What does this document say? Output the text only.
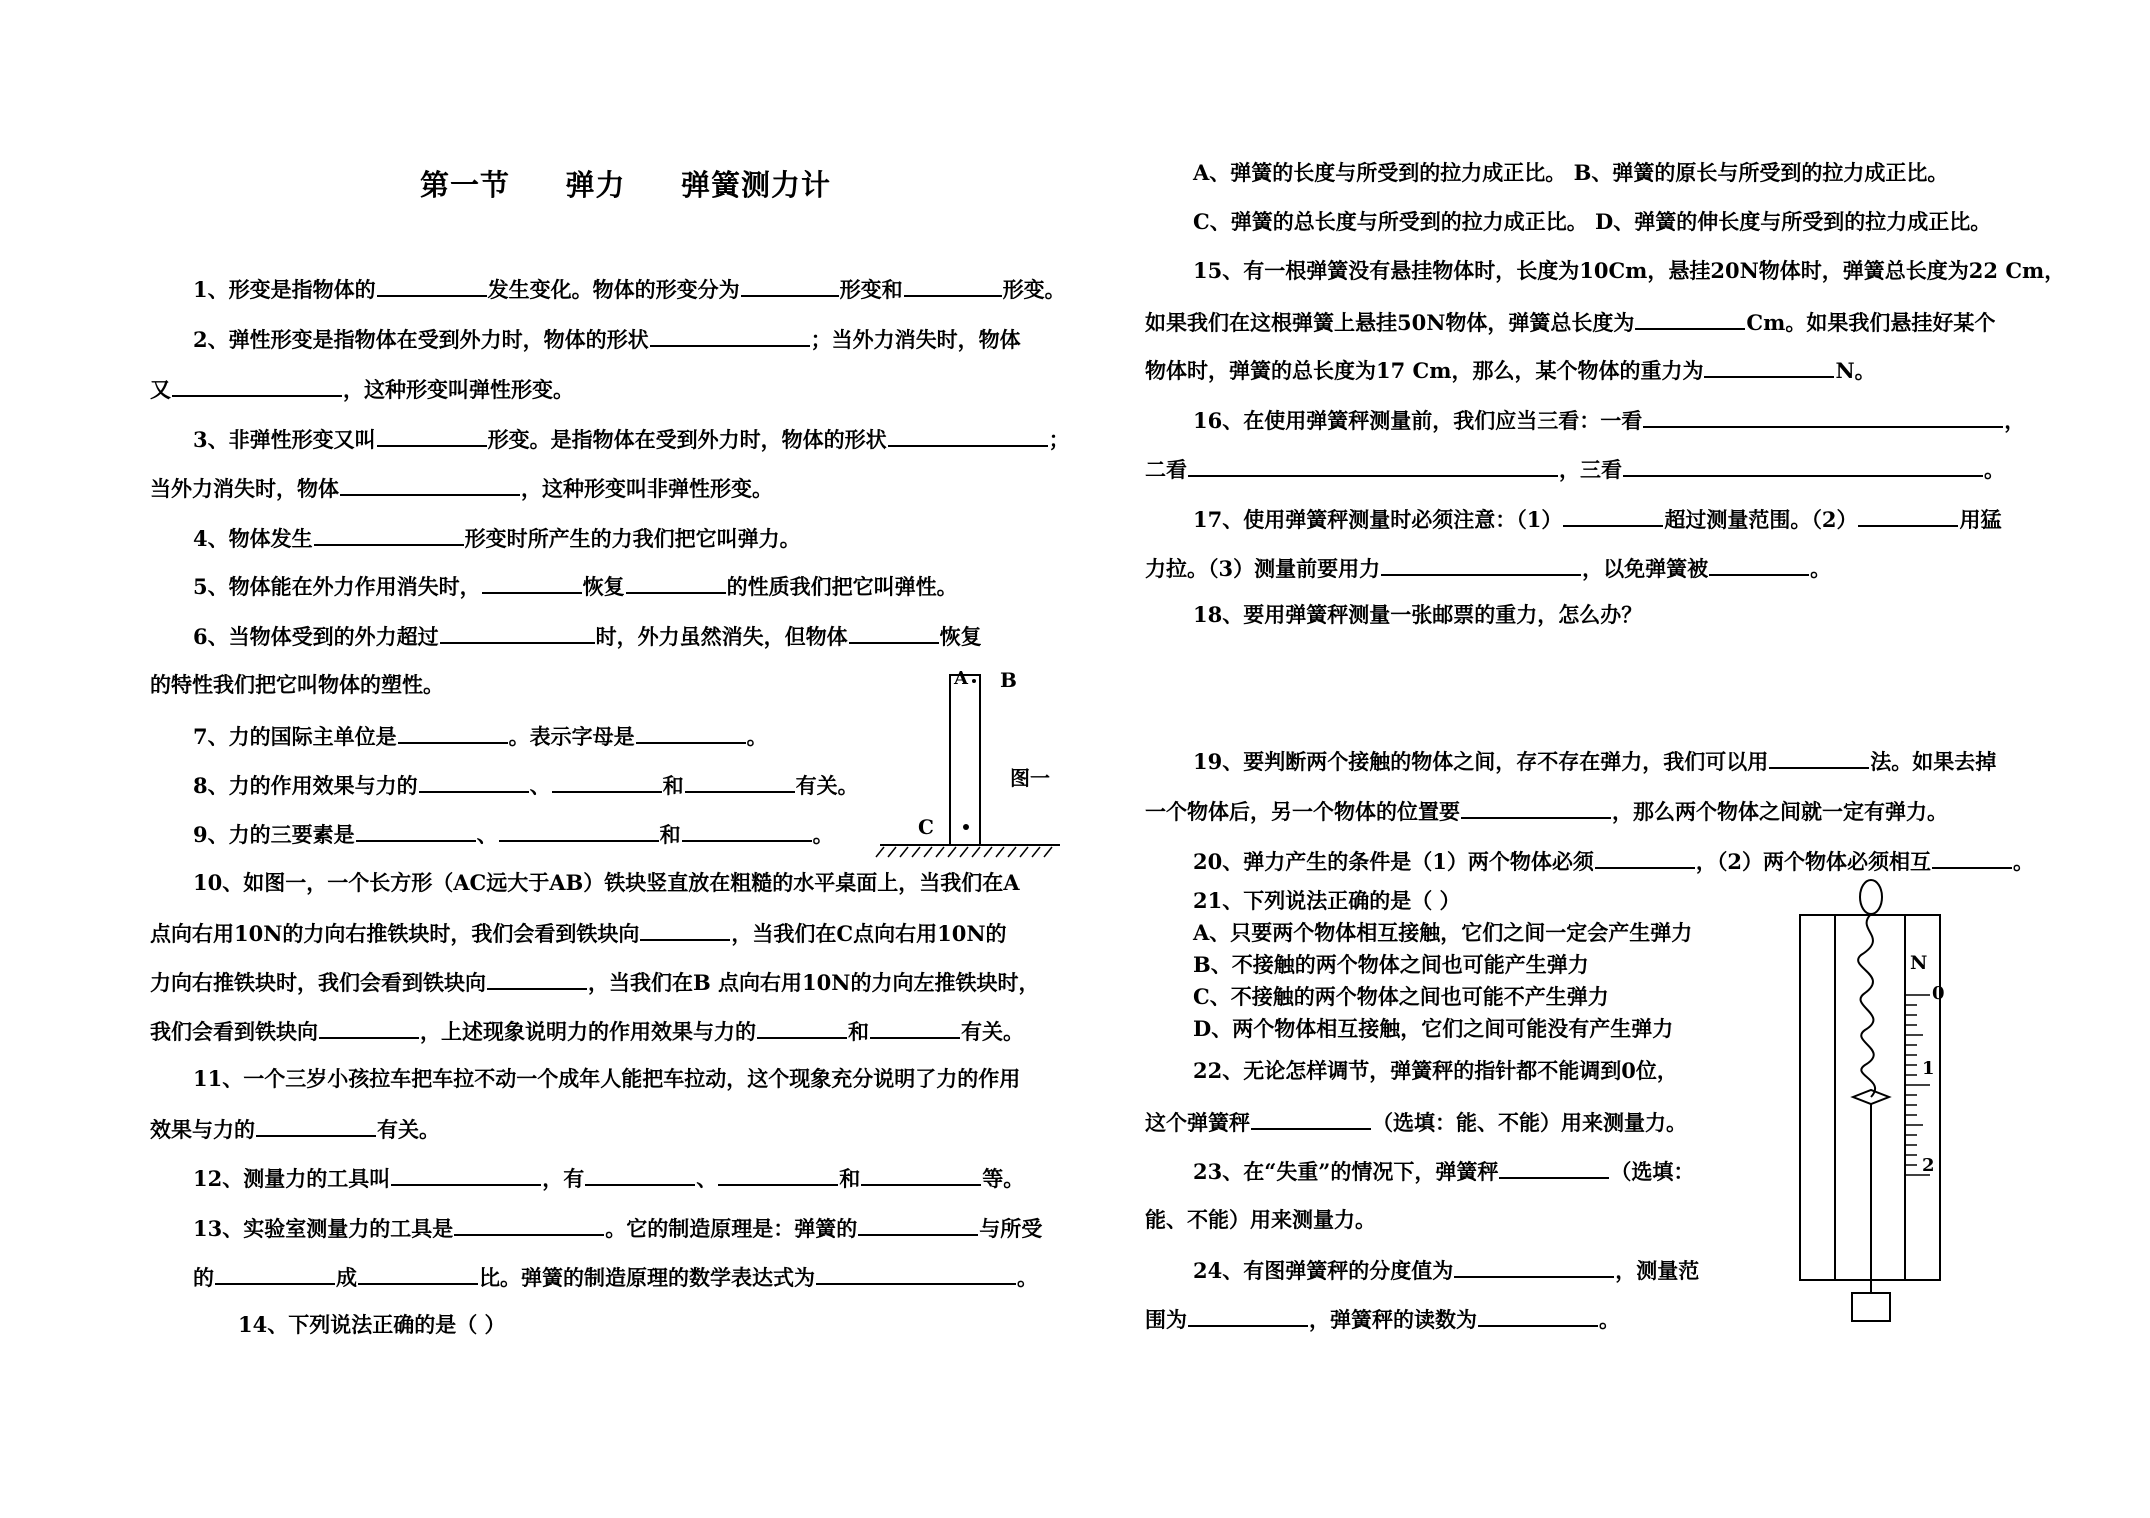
第一节     弹力     弹簧测力计
1、形变是指物体的	发生变化。物体的形变分为	形变和	形变。
2、弹性形变是指物体在受到外力时，物体的形状	；当外力消失时，物体
又	，这种形变叫弹性形变。
3、非弹性形变又叫	形变。是指物体在受到外力时，物体的形状	；
当外力消失时，物体	，这种形变叫非弹性形变。
4、物体发生	形变时所产生的力我们把它叫弹力。
5、物体能在外力作用消失时，	恢复	的性质我们把它叫弹性。
6、当物体受到的外力超过	时，外力虽然消失，但物体	恢复
的特性我们把它叫物体的塑性。
7、力的国际主单位是	。表示字母是	。
8、力的作用效果与力的	、	和	有关。
9、力的三要素是	、	和	。
10、如图一，一个长方形（AC远大于AB）铁块竖直放在粗糙的水平桌面上，当我们在A
点向右用10N的力向右推铁块时，我们会看到铁块向	，当我们在C点向右用10N的
力向右推铁块时，我们会看到铁块向	，当我们在B 点向右用10N的力向左推铁块时，
我们会看到铁块向	，上述现象说明力的作用效果与力的	和	有关。
11、一个三岁小孩拉车把车拉不动一个成年人能把车拉动，这个现象充分说明了力的作用
效果与力的	有关。
12、测量力的工具叫	，有	、	和	等。
13、实验室测量力的工具是	。它的制造原理是：弹簧的	与所受
的	成	比。弹簧的制造原理的数学表达式为	。
14、下列说法正确的是（ ）
A、弹簧的长度与所受到的拉力成正比。 B、弹簧的原长与所受到的拉力成正比。
C、弹簧的总长度与所受到的拉力成正比。 D、弹簧的伸长度与所受到的拉力成正比。
15、有一根弹簧没有悬挂物体时，长度为10Cm，悬挂20N物体时，弹簧总长度为22 Cm，
如果我们在这根弹簧上悬挂50N物体，弹簧总长度为	Cm。如果我们悬挂好某个
物体时，弹簧的总长度为17 Cm，那么，某个物体的重力为	N。
16、在使用弹簧秤测量前，我们应当三看：一看	，
二看	，三看	。
17、使用弹簧秤测量时必须注意：（1）	超过测量范围。（2）	用猛
力拉。（3）测量前要用力	，以免弹簧被	。
18、要用弹簧秤测量一张邮票的重力，怎么办？
19、要判断两个接触的物体之间，存不存在弹力，我们可以用	法。如果去掉
一个物体后，另一个物体的位置要	，那么两个物体之间就一定有弹力。
20、弹力产生的条件是（1）两个物体必须	，（2）两个物体必须相互	。
21、下列说法正确的是（ ）
A、只要两个物体相互接触，它们之间一定会产生弹力
B、不接触的两个物体之间也可能产生弹力
C、不接触的两个物体之间也可能不产生弹力
D、两个物体相互接触，它们之间可能没有产生弹力
22、无论怎样调节，弹簧秤的指针都不能调到0位，
这个弹簧秤	（选填：能、不能）用来测量力。
23、在“失重”的情况下，弹簧秤	（选填：
能、不能）用来测量力。
24、有图弹簧秤的分度值为	，测量范
围为	，弹簧秤的读数为	。
A B
C
图一
N
0
1
2
